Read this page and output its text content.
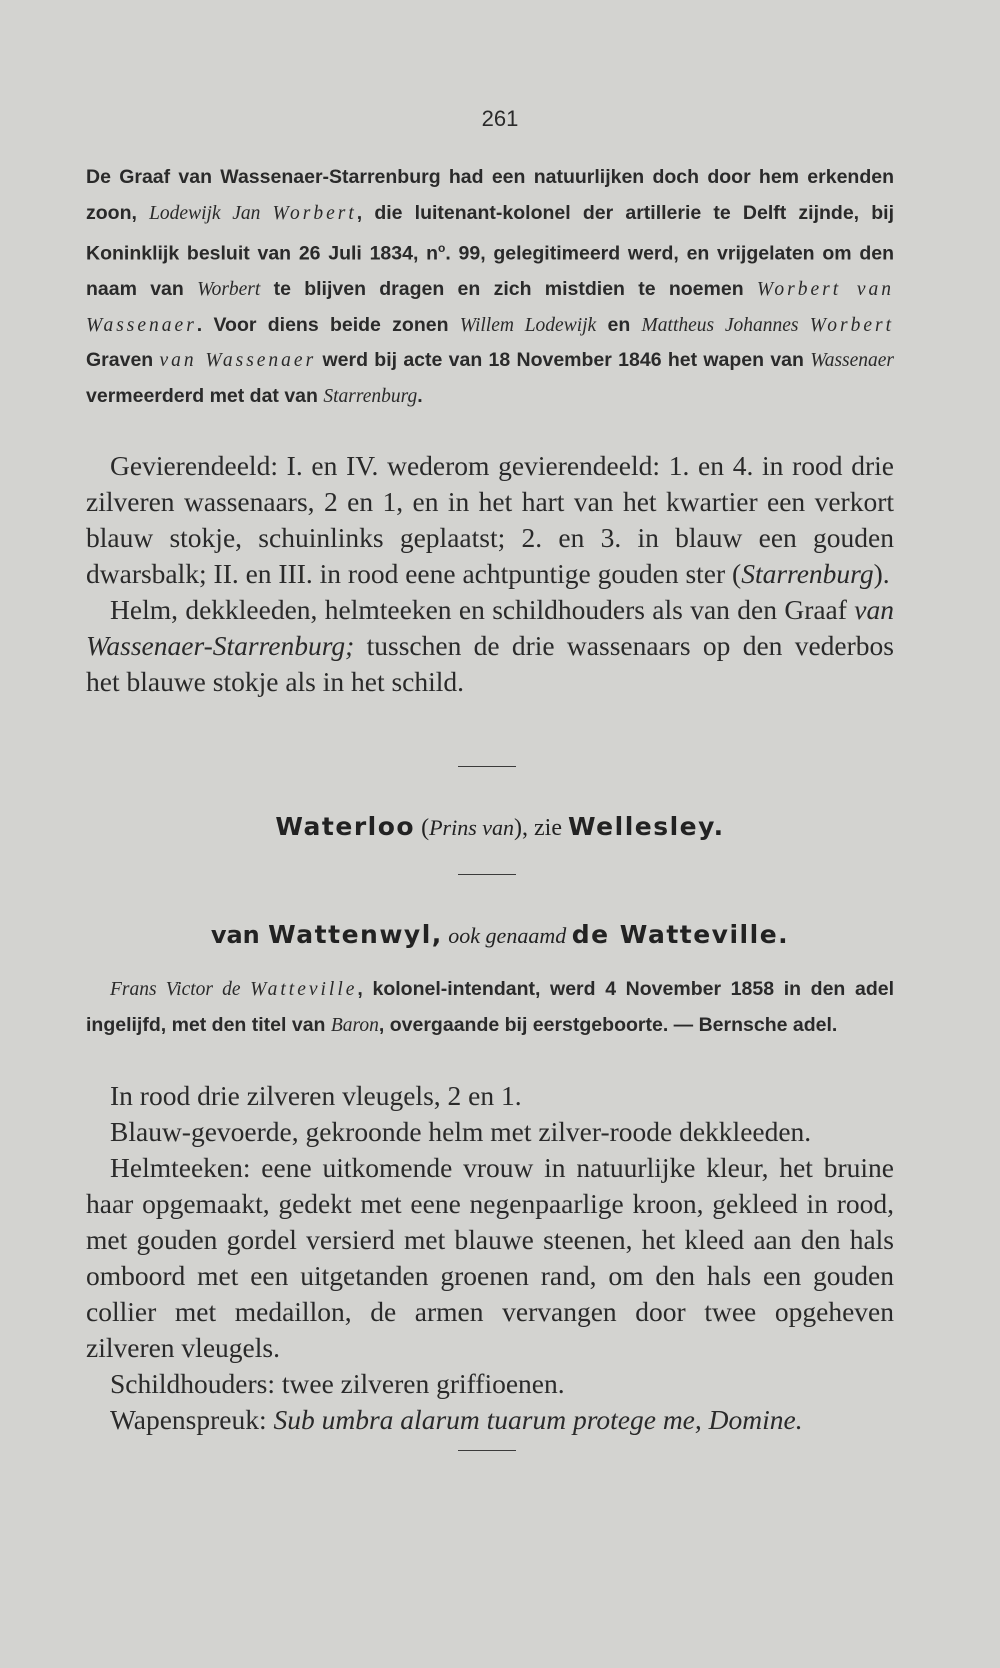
261
De Graaf van Wassenaer-Starrenburg had een natuurlijken doch door hem erkenden zoon, Lodewijk Jan Worbert, die luitenant-kolonel der artillerie te Delft zijnde, bij Koninklijk besluit van 26 Juli 1834, $n^o$. 99, gelegitimeerd werd, en vrijgelaten om den naam van Worbert te blijven dragen en zich mistdien te noemen Worbert van Wassenaer. Voor diens beide zonen Willem Lodewijk en Mattheus Johannes Worbert Graven van Wassenaer werd bij acte van 18 November 1846 het wapen van Wassenaer vermeerderd met dat van Starrenburg.

Gevierendeeld: I. en IV. wederom gevierendeeld: 1. en 4. in rood drie zilveren wassenaars, 2 en 1, en in het hart van het kwartier een verkort blauw stokje, schuinlinks geplaatst; 2. en 3. in blauw een gouden dwarsbalk; II. en III. in rood eene achtpuntige gouden ster (Starrenburg).

Helm, dekkleeden, helmteeken en schildhouders als van den Graaf van Wassenaer-Starrenburg; tusschen de drie wassenaars op den vederbos het blauwe stokje als in het schild.

Waterloo (Prins van), zie Wellesley.
van Wattenwyl, ook genaamd de Watteville.
Frans Victor de Watteville, kolonel-intendant, werd 4 November 1858 in den adel ingelijfd, met den titel van Baron, overgaande bij eerstgeboorte. — Bernsche adel.

In rood drie zilveren vleugels, 2 en 1.

Blauw-gevoerde, gekroonde helm met zilver-roode dekkleeden.

Helmteeken: eene uitkomende vrouw in natuurlijke kleur, het bruine haar opgemaakt, gedekt met eene negenpaarlige kroon, gekleed in rood, met gouden gordel versierd met blauwe steenen, het kleed aan den hals omboord met een uitgetanden groenen rand, om den hals een gouden collier met medaillon, de armen vervangen door twee opgeheven zilveren vleugels.

Schildhouders: twee zilveren griffioenen.

Wapenspreuk: Sub umbra alarum tuarum protege me, Domine.
